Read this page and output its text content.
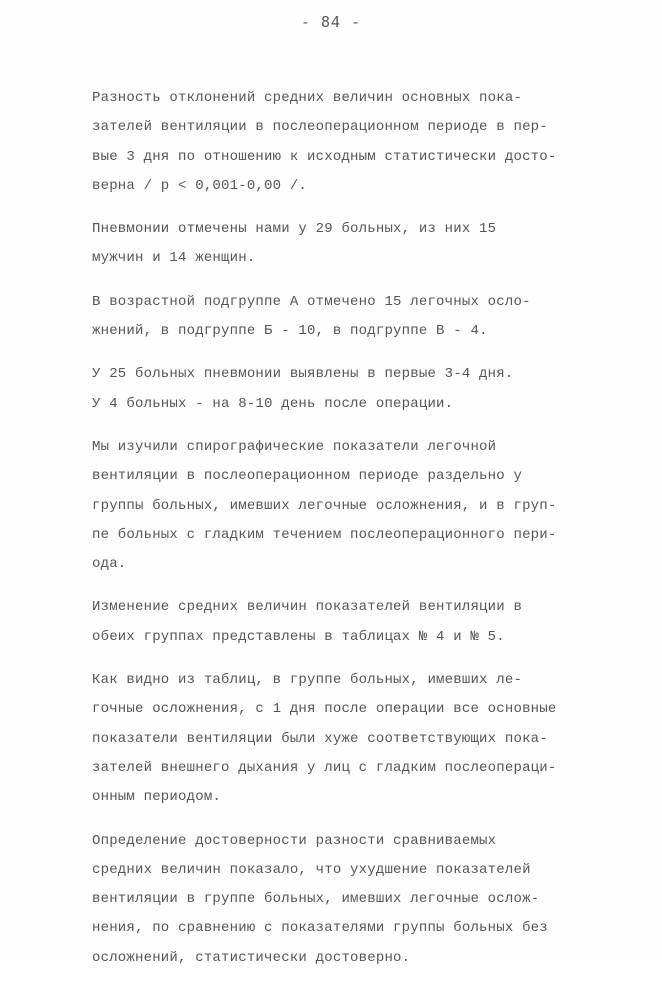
- 84 -
Разность отклонений средних величин основных пока-
зателей вентиляции в послеоперационном периоде в пер-
вые 3 дня по отношению к исходным статистически досто-
верна / p < 0,001-0,00 /.
Пневмонии отмечены нами у 29 больных, из них 15
мужчин и 14 женщин.
В возрастной подгруппе А отмечено 15 легочных ослo-
жнений, в подгруппе Б - 10, в подгруппе В - 4.
У 25 больных пневмонии выявлены в первые 3-4 дня.
У 4 больных - на 8-10 день после операции.
Мы изучили спирографические показатели легочной
вентиляции в послеоперационном периоде раздельно у
группы больных, имевших легочные осложнения, и в груп-
пе больных с гладким течением послеоперационного пери-
ода.
Изменение средних величин показателей вентиляции в
обеих группах представлены в таблицах № 4 и № 5.
Как видно из таблиц, в группе больных, имевших ле-
гочные осложнения, с 1 дня после операции все основные
показатели вентиляции были хуже соответствующих пока-
зателей внешнего дыхания у лиц с гладким послеопераци-
онным периодом.
Определение достоверности разности сравниваемых
средних величин показало, что ухудшение показателей
вентиляции в группе больных, имевших легочные ослож-
нения, по сравнению с показателями группы больных без
осложнений, статистически достоверно.
